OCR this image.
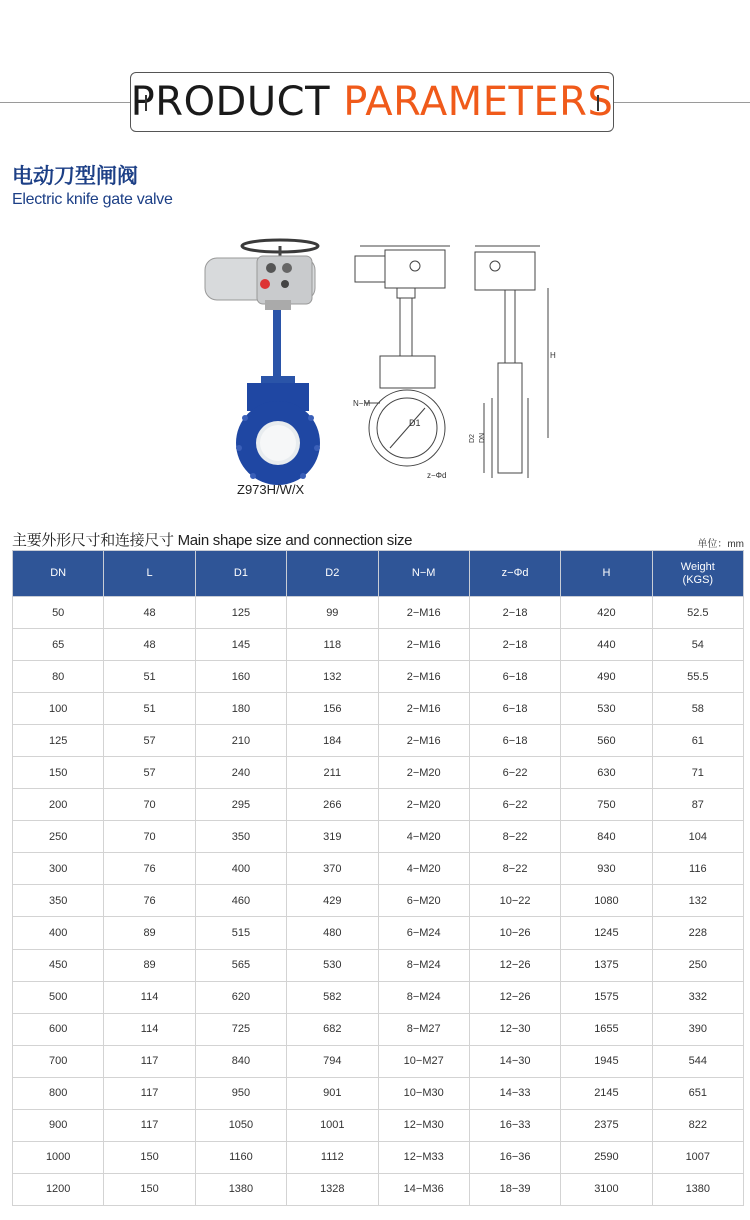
PRODUCT PARAMETERS
电动刀型闸阀
Electric knife gate valve
Z973H/W/X
N−M
D1
z−Φd
H
D2 DN
主要外形尺寸和连接尺寸 Main shape size and connection size	单位：mm
DN	L	D1	D2	N−M	z−Φd	H	Weight
(KGS)
50	48	125	99	2−M16	2−18	420	52.5
65	48	145	118	2−M16	2−18	440	54
80	51	160	132	2−M16	6−18	490	55.5
100	51	180	156	2−M16	6−18	530	58
125	57	210	184	2−M16	6−18	560	61
150	57	240	211	2−M20	6−22	630	71
200	70	295	266	2−M20	6−22	750	87
250	70	350	319	4−M20	8−22	840	104
300	76	400	370	4−M20	8−22	930	116
350	76	460	429	6−M20	10−22	1080	132
400	89	515	480	6−M24	10−26	1245	228
450	89	565	530	8−M24	12−26	1375	250
500	114	620	582	8−M24	12−26	1575	332
600	114	725	682	8−M27	12−30	1655	390
700	117	840	794	10−M27	14−30	1945	544
800	117	950	901	10−M30	14−33	2145	651
900	117	1050	1001	12−M30	16−33	2375	822
1000	150	1160	1112	12−M33	16−36	2590	1007
1200	150	1380	1328	14−M36	18−39	3100	1380
